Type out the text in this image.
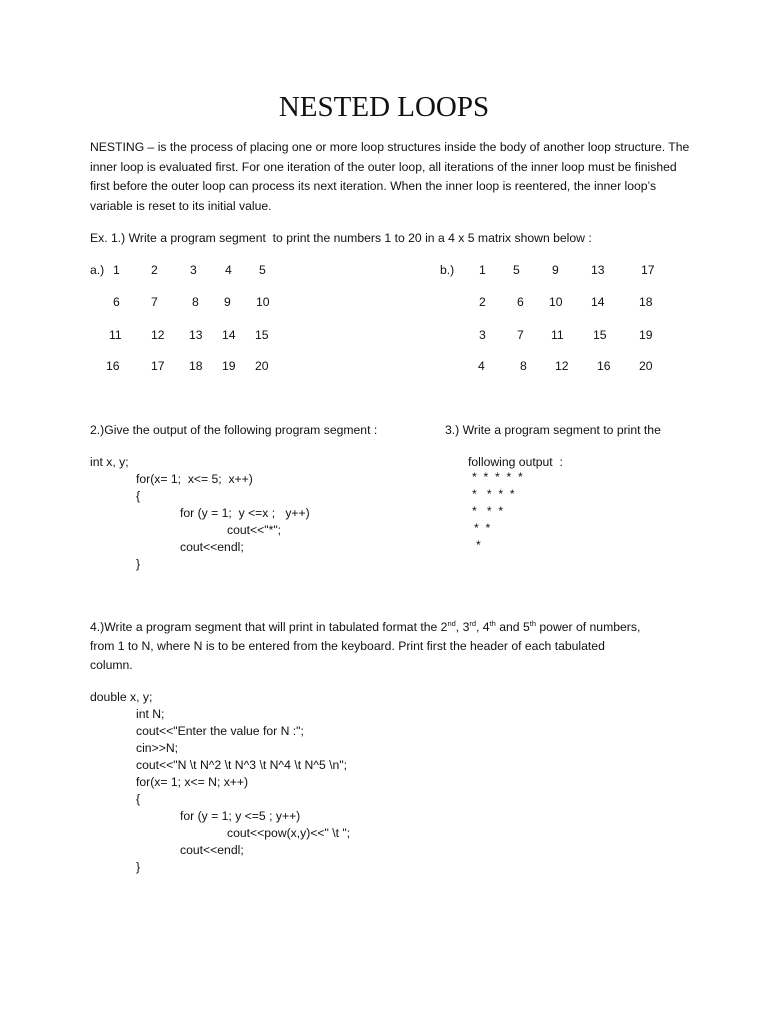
NESTED LOOPS
NESTING – is the process of placing one or more loop structures inside the body of another loop structure. The inner loop is evaluated first. For one iteration of the outer loop, all iterations of the inner loop must be finished first before the outer loop can process its next iteration. When the inner loop is reentered, the inner loop’s variable is reset to its initial value.
Ex. 1.) Write a program segment  to print the numbers 1 to 20 in a 4 x 5 matrix shown below :
a.)	b.)
1	2	3 4 5
6	7	8 9 10
11 12 13 14 15
16	17 18 19 20
1 5	9	13	17
2	6 10 14	18
3	7 11 15	19
4	8 12 16 20
2.)Give the output of the following program segment :
int x, y;
for(x= 1;  x<= 5;  x++)
{
for (y = 1;  y <=x ;   y++)
cout<<"*";
cout<<endl;
}
3.) Write a program segment to print the
following output  :
*  *  *  *  *
*   *  *  *
*   *  *
*  *
*
4.)Write a program segment that will print in tabulated format the 2nd, 3rd, 4th and 5th power of numbers,
from 1 to N, where N is to be entered from the keyboard. Print first the header of each tabulated
column.
double x, y;
int N;
cout<<"Enter the value for N :";
cin>>N;
cout<<"N \t N^2 \t N^3 \t N^4 \t N^5 \n";
for(x= 1; x<= N; x++)
{
for (y = 1; y <=5 ; y++)
cout<<pow(x,y)<<" \t ";
cout<<endl;
}
